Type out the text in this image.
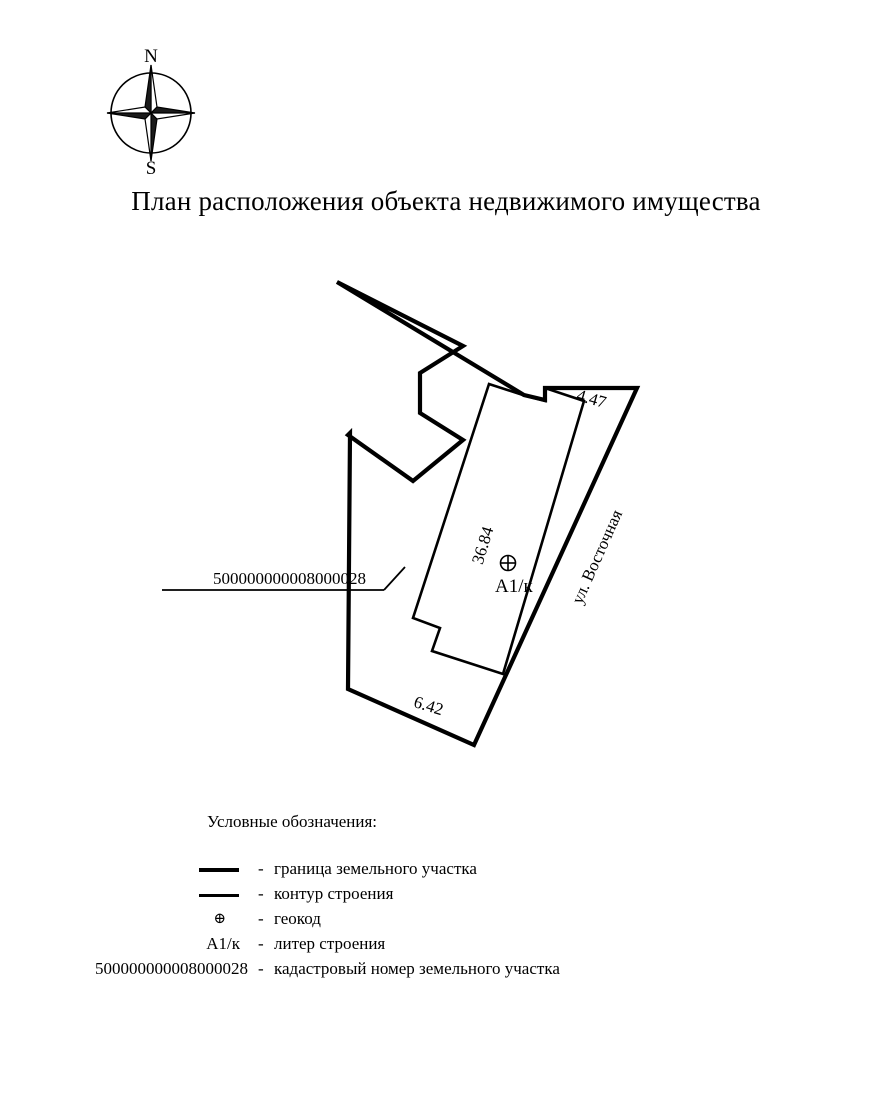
N
S
План расположения объекта недвижимого имущества
А1/к
36.84
4.47
6.42
ул. Восточная
500000000008000028
Условные обозначения:
- граница земельного участка
- контур строения
⊕	- геокод
А1/к	- литер строения
500000000008000028 - кадастровый номер земельного участка
